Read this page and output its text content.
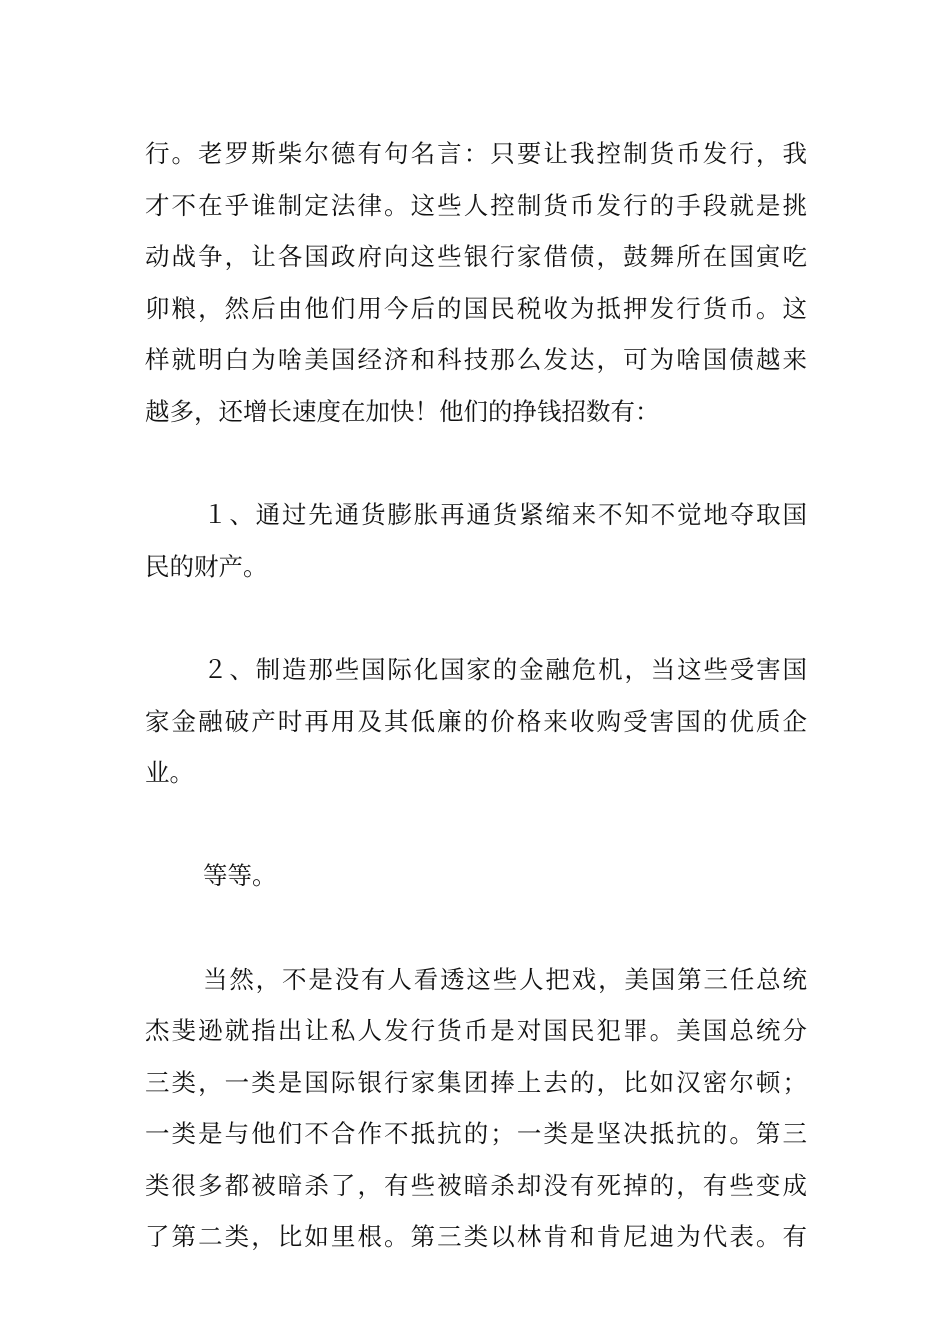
行。老罗斯柴尔德有句名言：只要让我控制货币发行，我
才不在乎谁制定法律。这些人控制货币发行的手段就是挑
动战争，让各国政府向这些银行家借债，鼓舞所在国寅吃
卯粮，然后由他们用今后的国民税收为抵押发行货币。这
样就明白为啥美国经济和科技那么发达，可为啥国债越来
越多，还增长速度在加快！他们的挣钱招数有：
１、通过先通货膨胀再通货紧缩来不知不觉地夺取国
民的财产。
２、制造那些国际化国家的金融危机，当这些受害国
家金融破产时再用及其低廉的价格来收购受害国的优质企
业。
等等。
当然，不是没有人看透这些人把戏，美国第三任总统
杰斐逊就指出让私人发行货币是对国民犯罪。美国总统分
三类，一类是国际银行家集团捧上去的，比如汉密尔顿；
一类是与他们不合作不抵抗的；一类是坚决抵抗的。第三
类很多都被暗杀了，有些被暗杀却没有死掉的，有些变成
了第二类，比如里根。第三类以林肯和肯尼迪为代表。有
